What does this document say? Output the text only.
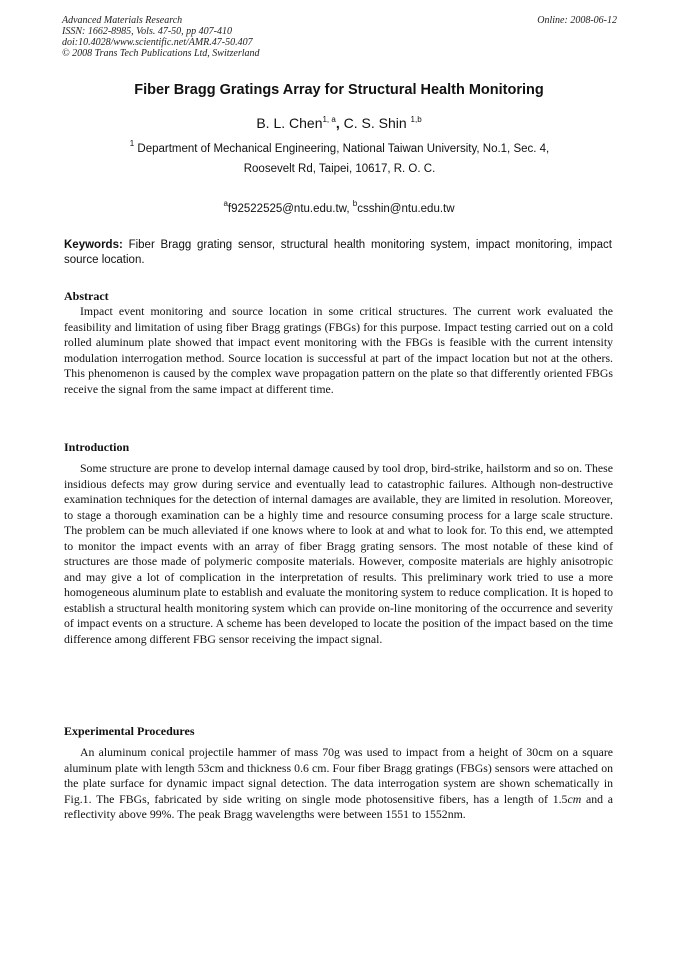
Advanced Materials Research
ISSN: 1662-8985, Vols. 47-50, pp 407-410
doi:10.4028/www.scientific.net/AMR.47-50.407
© 2008 Trans Tech Publications Ltd, Switzerland
Online: 2008-06-12
Fiber Bragg Gratings Array for Structural Health Monitoring
B. L. Chen$^{1, a}$, C. S. Shin $^{1,b}$
$^1$ Department of Mechanical Engineering, National Taiwan University, No.1, Sec. 4,
Roosevelt Rd, Taipei, 10617, R. O. C.
$^a$f92522525@ntu.edu.tw, $^b$csshin@ntu.edu.tw
Keywords: Fiber Bragg grating sensor, structural health monitoring system, impact monitoring, impact source location.
Abstract

Impact event monitoring and source location in some critical structures. The current work evaluated the feasibility and limitation of using fiber Bragg gratings (FBGs) for this purpose. Impact testing carried out on a cold rolled aluminum plate showed that impact event monitoring with the FBGs is feasible with the current intensity modulation interrogation method. Source location is successful at part of the impact location but not at the others. This phenomenon is caused by the complex wave propagation pattern on the plate so that differently oriented FBGs receive the signal from the same impact at different time.

Introduction

Some structure are prone to develop internal damage caused by tool drop, bird-strike, hailstorm and so on. These insidious defects may grow during service and eventually lead to catastrophic failures. Although non-destructive examination techniques for the detection of internal damages are available, they are limited in resolution. Moreover, to stage a thorough examination can be a highly time and resource consuming process for a large scale structure. The problem can be much alleviated if one knows where to look at and what to look for. To this end, we attempted to monitor the impact events with an array of fiber Bragg grating sensors. The most notable of these kind of structures are those made of polymeric composite materials. However, composite materials are highly anisotropic and may give a lot of complication in the interpretation of results. This preliminary work tried to use a more homogeneous aluminum plate to establish and evaluate the monitoring system to reduce complication. It is hoped to establish a structural health monitoring system which can provide on-line monitoring of the occurrence and severity of impact events on a structure. A scheme has been developed to locate the position of the impact based on the time difference among different FBG sensor receiving the impact signal.

Experimental Procedures

An aluminum conical projectile hammer of mass 70g was used to impact from a height of 30cm on a square aluminum plate with length 53cm and thickness 0.6 cm. Four fiber Bragg gratings (FBGs) sensors were attached on the plate surface for dynamic impact signal detection. The data interrogation system are shown schematically in Fig.1. The FBGs, fabricated by side writing on single mode photosensitive fibers, has a length of 1.5cm and a reflectivity above 99%. The peak Bragg wavelengths were between 1551 to 1552nm.
